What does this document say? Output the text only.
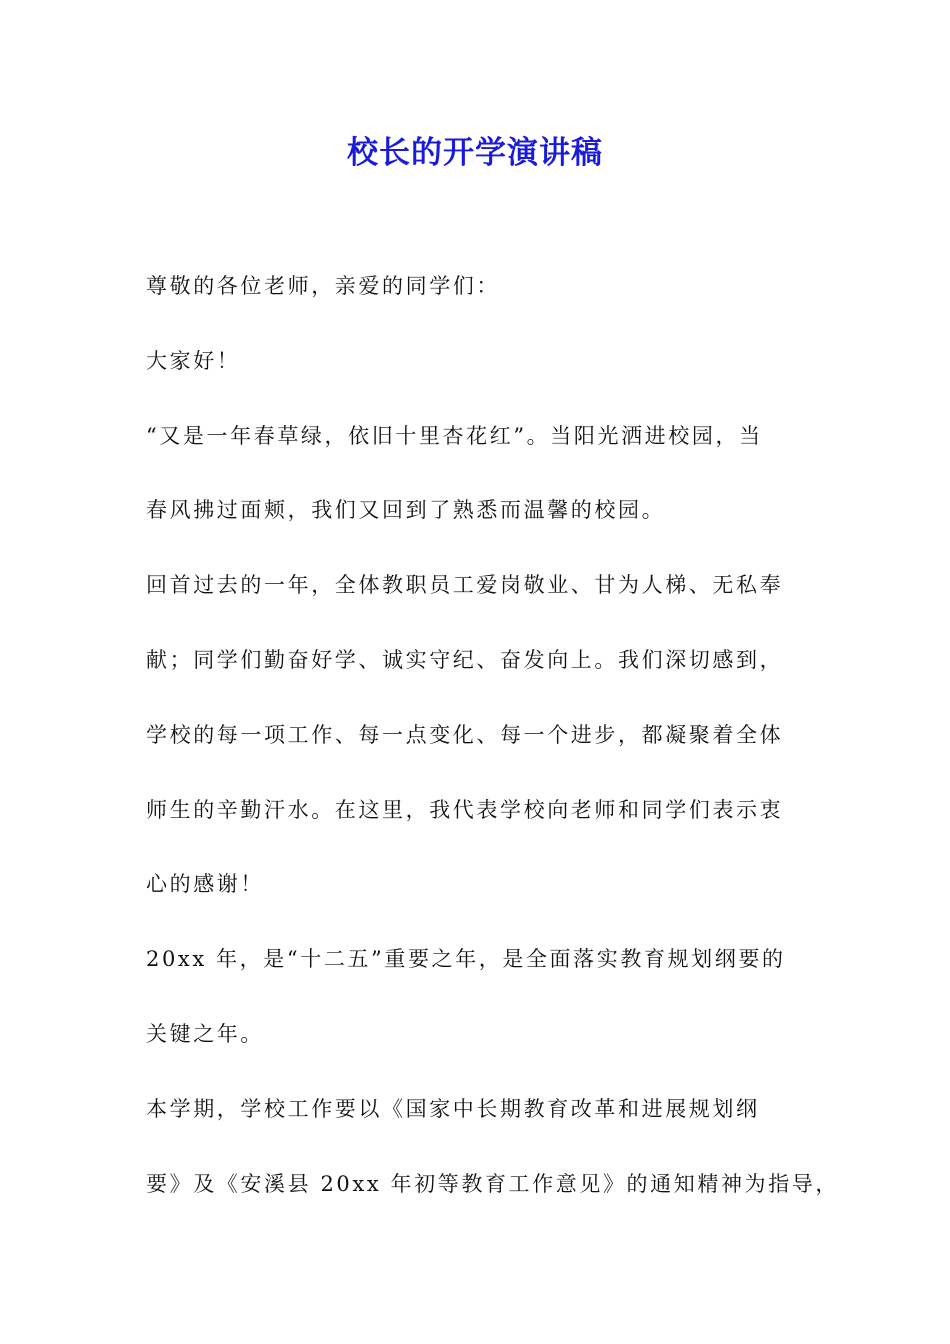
校长的开学演讲稿
尊敬的各位老师，亲爱的同学们：
大家好！
“又是一年春草绿，依旧十里杏花红”。当阳光洒进校园，当
春风拂过面颊，我们又回到了熟悉而温馨的校园。
回首过去的一年，全体教职员工爱岗敬业、甘为人梯、无私奉
献；同学们勤奋好学、诚实守纪、奋发向上。我们深切感到，
学校的每一项工作、每一点变化、每一个进步，都凝聚着全体
师生的辛勤汗水。在这里，我代表学校向老师和同学们表示衷
心的感谢！
20xx 年，是“十二五”重要之年，是全面落实教育规划纲要的
关键之年。
本学期，学校工作要以《国家中长期教育改革和进展规划纲
要》及《安溪县 20xx 年初等教育工作意见》的通知精神为指导，
